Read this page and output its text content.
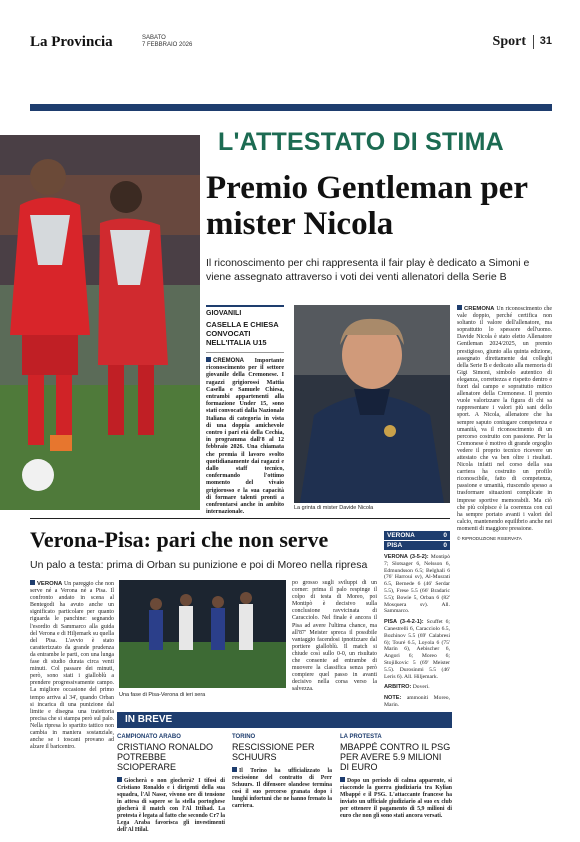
La Provincia	SABATO
7 FEBBRAIO 2026	Sport 31
L'ATTESTATO DI STIMA
Premio Gentleman per mister Nicola

Il riconoscimento per chi rappresenta il fair play è dedicato a Simoni e viene assegnato attraverso i voti dei venti allenatori della Serie B

GIOVANILI
CASELLA E CHIESA CONVOCATI NELL'ITALIA U15
CREMONA Importante riconoscimento per il settore giovanile della Cremonese. I ragazzi grigiorossi Mattia Casella e Samuele Chiesa, entrambi appartenenti alla formazione Under 15, sono stati convocati dalla Nazionale Italiana di categoria in vista di una doppia amichevole contro i pari età della Cechia, in programma dall'8 al 12 febbraio 2026. Una chiamata che premia il lavoro svolto quotidianamente dai ragazzi e dallo staff tecnico, confermando l'ottimo momento del vivaio grigiorosso e la sua capacità di formare talenti pronti a confrontarsi anche in ambito internazionale.
La grinta di mister Davide Nicola
CREMONA Un riconoscimento che vale doppio, perché certifica non soltanto il valore dell'allenatore, ma soprattutto lo spessore dell'uomo. Davide Nicola è stato eletto Allenatore Gentleman 2024/2025, un premio prestigioso, giunto alla quinta edizione, assegnato direttamente dai colleghi della Serie B e dedicato alla memoria di Gigi Simoni, simbolo autentico di eleganza, correttezza e rispetto dentro e fuori dal campo e soprattutto mitico allenatore della Cremonese. Il premio vuole valorizzare la figura di chi sa rappresentare i valori più sani dello sport. A Nicola, allenatore che ha sempre saputo coniugare competenza e umanità, va il riconoscimento di un percorso costruito con passione. Per la Cremonese è motivo di grande orgoglio vedere il proprio tecnico ricevere un attestato che va ben oltre i risultati. Nicola infatti nel corso della sua carriera ha costruito un profilo riconoscibile, fatto di competenza, passione e umanità, riuscendo spesso a trasformare situazioni complicate in imprese sportive memorabili. Ma ciò che più colpisce è la coerenza con cui ha sempre portato avanti i valori del calcio, mantenendo equilibrio anche nei momenti di maggiore pressione.
© RIPRODUZIONE RISERVATA
Verona-Pisa: pari che non serve

Un palo a testa: prima di Orban su punizione e poi di Moreo nella ripresa

VERONA Un pareggio che non serve né a Verona né a Pisa. Il confronto andato in scena al Bentegodi ha avuto anche un significato particolare per quanto riguarda le panchine: segnando l'esordio di Sammarco alla guida del Verona e di Hiljemark su quella del Pisa. L'avvio è stato caratterizzato da grande prudenza da entrambe le parti, con una lunga fase di studio durata circa venti minuti. Col passare dei minuti, però, sono stati i gialloblù a prendere progressivamente campo. La migliore occasione del primo tempo arriva al 34', quando Orban si incarica di una punizione dal limite e disegna una traiettoria precisa che si stampa però sul palo. Nella ripresa lo spartito tattico non cambia in maniera sostanziale, anche se i toscani provano ad alzare il baricentro.
Una fase di Pisa-Verona di ieri sera
po grosso sugli sviluppi di un corner: prima il palo respinge il colpo di testa di Moreo, poi Montipò è decisivo sulla conclusione ravvicinata di Caracciolo. Nel finale è ancora il Pisa ad avere l'ultima chance, ma all'87' Meister spreca il possibile vantaggio facendosi ipnotizzare dal portiere gialloblù. Il match si chiude così sullo 0-0, un risultato che consente ad entrambe di muovere la classifica senza però compiere quel passo in avanti decisivo nella corsa verso la salvezza.
VERONA	0
PISA	0
VERONA (3-5-2): Montipò 7; Slotsager 6, Nelsson 6, Edmundsson 6.5; Belghali 6 (76' Harroui sv), Al-Musrati 6.5, Bernede 6 (46' Serdar 5.5), Frese 5.5 (66' Bradaric 5.5); Bowie 5, Orban 6 (82' Mosquera sv). All. Sammarco.
PISA (3-4-2-1): Scuffet 6; Canestrelli 6, Caracciolo 6.5, Bozhinov 5.5 (69' Calabresi 6); Touré 6.5, Loyola 6 (75' Marin 6), Aebischer 6, Angori 6; Moreo 6; Stojilkovic 5 (69' Meister 5.5). Durosinmi 5.5 (46' Leris 6). All. Hiljemark.
ARBITRO: Doveri.
NOTE: ammoniti Moreo, Marin.
IN BREVE
CAMPIONATO ARABO
CRISTIANO RONALDO POTREBBE SCIOPERARE
Giocherà o non giocherà? I tifosi di Cristiano Ronaldo e i dirigenti della sua squadra, l'Al Nassr, vivono ore di tensione in attesa di sapere se la stella portoghese giocherà il match con l'Al Ittihad. La protesta è legata al fatto che secondo Cr7 la Lega Araba favorisca gli investimenti dell'Al Hilal.
TORINO
RESCISSIONE PER SCHUURS
Il Torino ha ufficializzato la rescissione del contratto di Perr Schuurs. Il difensore olandese termina così il suo percorso granata dopo i lunghi infortuni che ne hanno frenato la carriera.
LA PROTESTA
MBAPPÉ CONTRO IL PSG PER AVERE 5.9 MILIONI DI EURO
Dopo un periodo di calma apparente, si riaccende la guerra giudiziaria tra Kylian Mbappé e il PSG. L'attaccante francese ha inviato un ufficiale giudiziario al suo ex club per ottenere il pagamento di 5,9 milioni di euro che non gli sono stati ancora versati.
